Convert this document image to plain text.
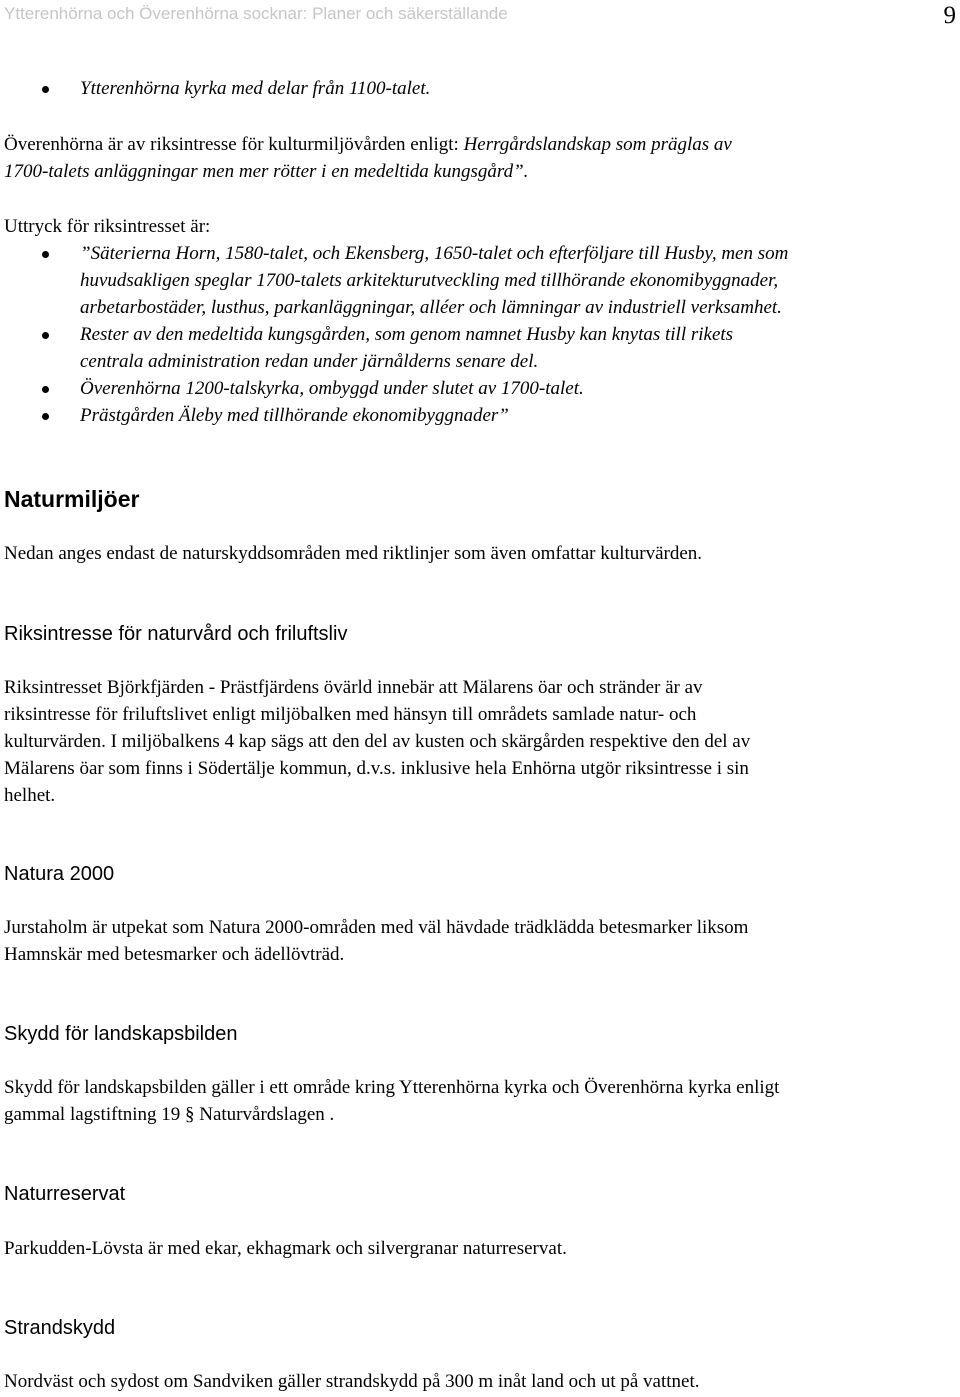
Ytterenhörna och Överenhörna socknar: Planer och säkerställande	9
Ytterenhörna kyrka med delar från 1100-talet.

Överenhörna är av riksintresse för kulturmiljövården enligt: Herrgårdslandskap som präglas av
1700-talets anläggningar men mer rötter i en medeltida kungsgård”.

Uttryck för riksintresset är:

”Säterierna Horn, 1580-talet, och Ekensberg, 1650-talet och efterföljare till Husby, men som
huvudsakligen speglar 1700-talets arkitekturutveckling med tillhörande ekonomibyggnader,
arbetarbostäder, lusthus, parkanläggningar, alléer och lämningar av industriell verksamhet.
Rester av den medeltida kungsgården, som genom namnet Husby kan knytas till rikets
centrala administration redan under järnålderns senare del.
Överenhörna 1200-talskyrka, ombyggd under slutet av 1700-talet.
Prästgården Äleby med tillhörande ekonomibyggnader”
Naturmiljöer

Nedan anges endast de naturskyddsområden med riktlinjer som även omfattar kulturvärden.

Riksintresse för naturvård och friluftsliv

Riksintresset Björkfjärden - Prästfjärdens övärld innebär att Mälarens öar och stränder är av
riksintresse för friluftslivet enligt miljöbalken med hänsyn till områdets samlade natur- och
kulturvärden. I miljöbalkens 4 kap sägs att den del av kusten och skärgården respektive den del av
Mälarens öar som finns i Södertälje kommun, d.v.s. inklusive hela Enhörna utgör riksintresse i sin
helhet.

Natura 2000

Jurstaholm är utpekat som Natura 2000-områden med väl hävdade trädklädda betesmarker liksom
Hamnskär med betesmarker och ädellövträd.

Skydd för landskapsbilden

Skydd för landskapsbilden gäller i ett område kring Ytterenhörna kyrka och Överenhörna kyrka enligt
gammal lagstiftning 19 § Naturvårdslagen .

Naturreservat

Parkudden-Lövsta är med ekar, ekhagmark och silvergranar naturreservat.

Strandskydd

Nordväst och sydost om Sandviken gäller strandskydd på 300 m inåt land och ut på vattnet.
